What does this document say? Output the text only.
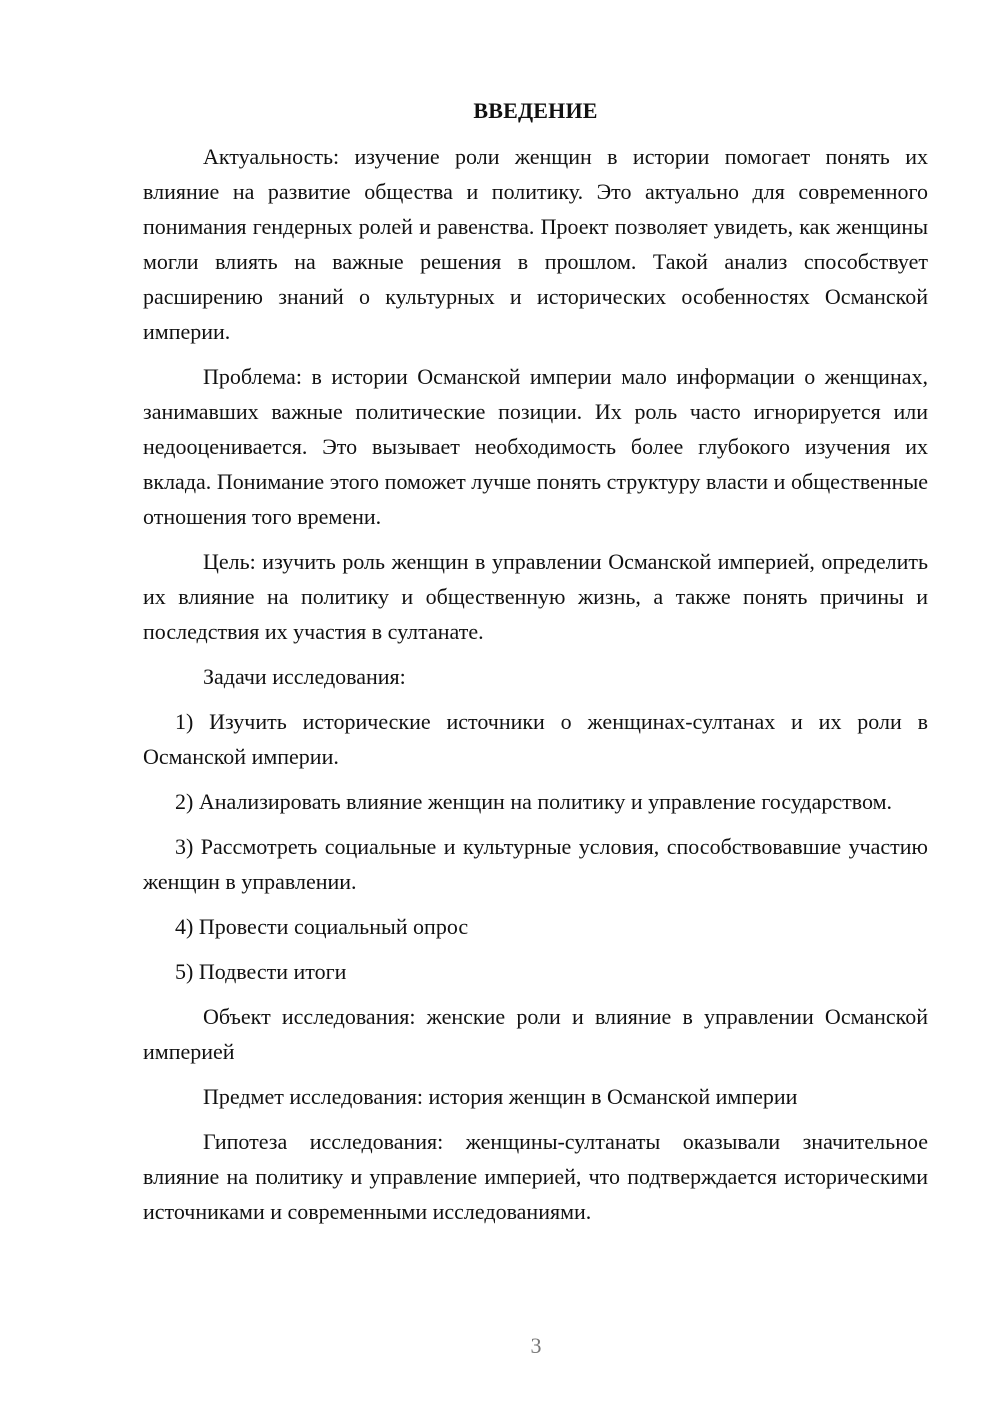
ВВЕДЕНИЕ

Актуальность: изучение роли женщин в истории помогает понять их влияние на развитие общества и политику. Это актуально для современного понимания гендерных ролей и равенства. Проект позволяет увидеть, как женщины могли влиять на важные решения в прошлом. Такой анализ способствует расширению знаний о культурных и исторических особенностях Османской империи.

Проблема: в истории Османской империи мало информации о женщинах, занимавших важные политические позиции. Их роль часто игнорируется или недооценивается. Это вызывает необходимость более глубокого изучения их вклада. Понимание этого поможет лучше понять структуру власти и общественные отношения того времени.

Цель: изучить роль женщин в управлении Османской империей, определить их влияние на политику и общественную жизнь, а также понять причины и последствия их участия в султанате.

Задачи исследования:

1) Изучить исторические источники о женщинах-султанах и их роли в Османской империи.

2) Анализировать влияние женщин на политику и управление государством.

3) Рассмотреть социальные и культурные условия, способствовавшие участию женщин в управлении.

4) Провести социальный опрос

5) Подвести итоги

Объект исследования: женские роли и влияние в управлении Османской империей

Предмет исследования: история женщин в Османской империи

Гипотеза исследования: женщины-султанаты оказывали значительное влияние на политику и управление империей, что подтверждается историческими источниками и современными исследованиями.

3
